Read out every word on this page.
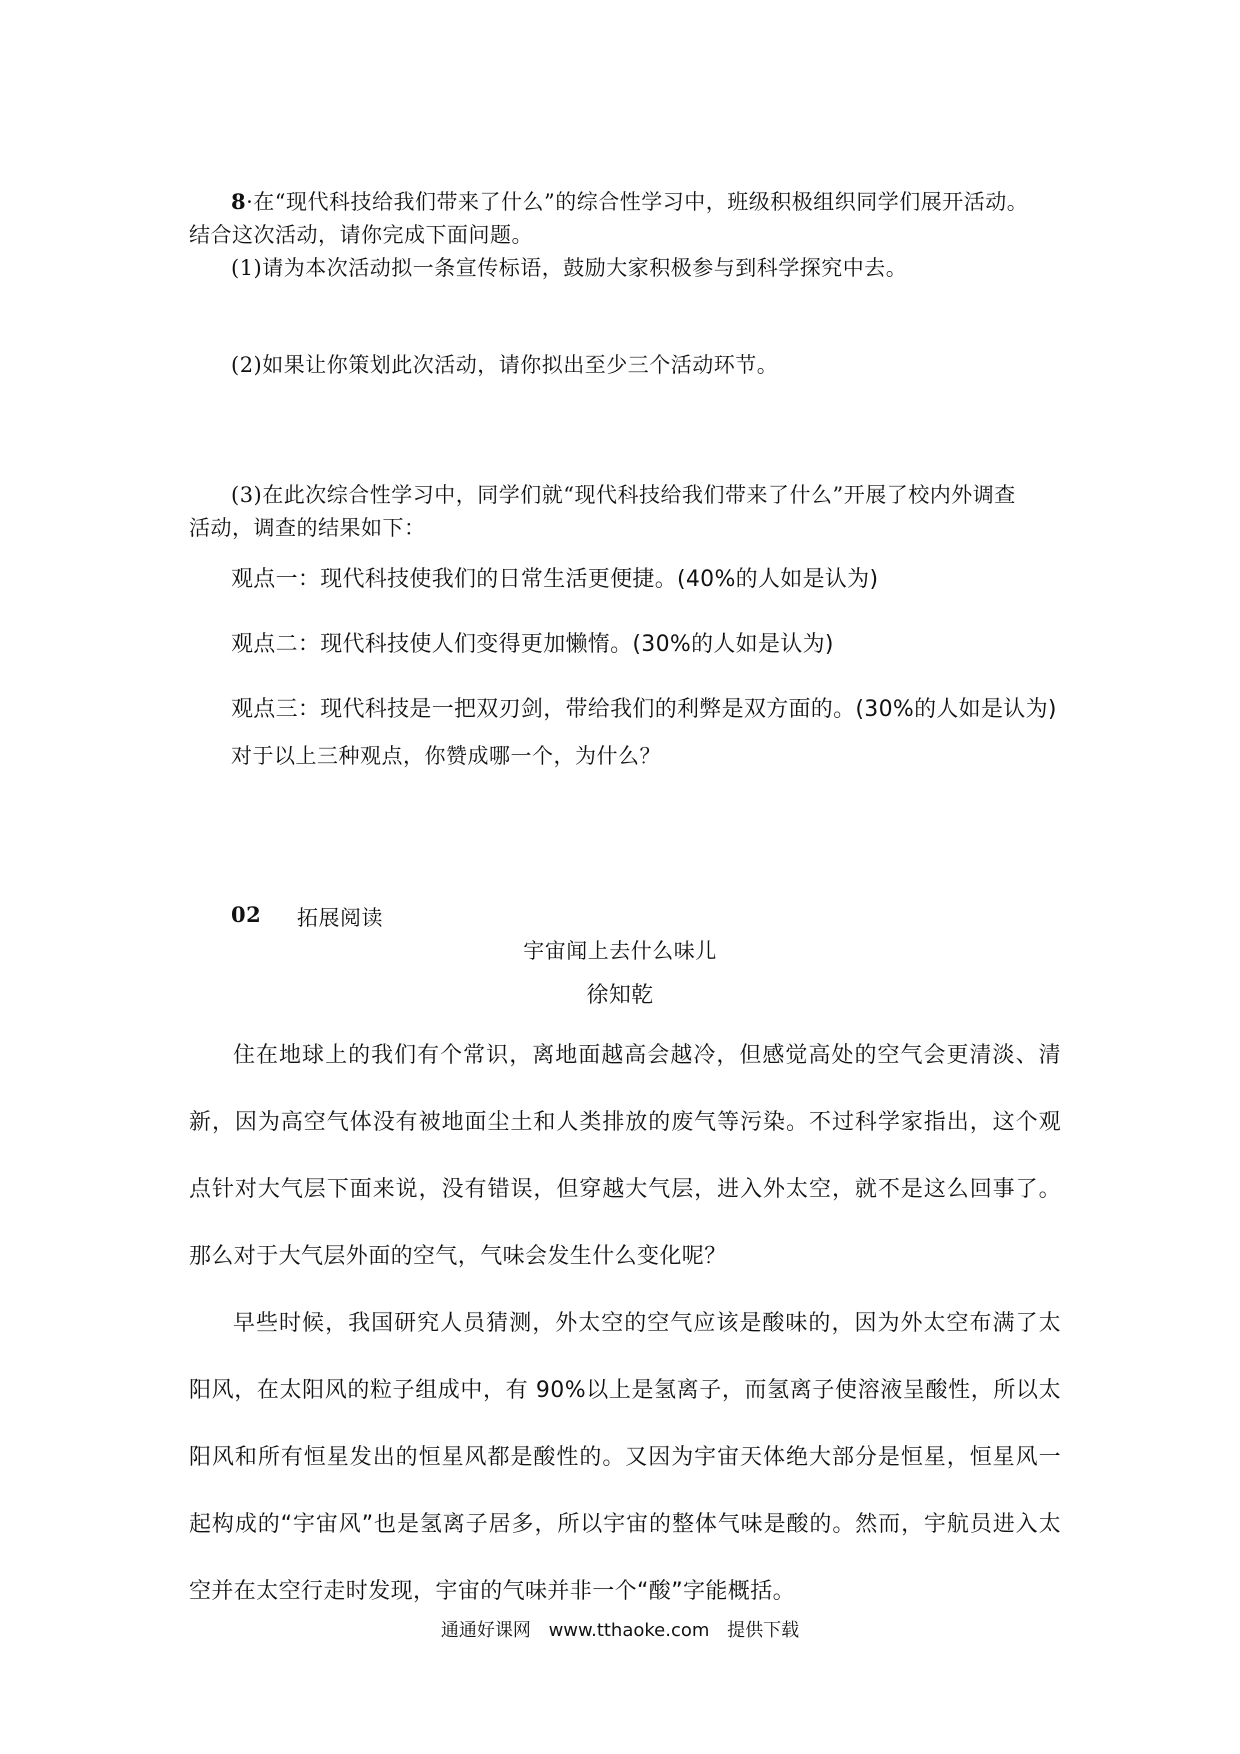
8·在“现代科技给我们带来了什么”的综合性学习中，班级积极组织同学们展开活动。
结合这次活动，请你完成下面问题。
(1)请为本次活动拟一条宣传标语，鼓励大家积极参与到科学探究中去。
(2)如果让你策划此次活动，请你拟出至少三个活动环节。
(3)在此次综合性学习中，同学们就“现代科技给我们带来了什么”开展了校内外调查
活动，调查的结果如下：
观点一：现代科技使我们的日常生活更便捷。(40%的人如是认为)
观点二：现代科技使人们变得更加懒惰。(30%的人如是认为)
观点三：现代科技是一把双刃剑，带给我们的利弊是双方面的。(30%的人如是认为)
对于以上三种观点，你赞成哪一个，为什么？
02 拓展阅读
宇宙闻上去什么味儿
徐知乾

住在地球上的我们有个常识，离地面越高会越冷，但感觉高处的空气会更清淡、清新，因为高空气体没有被地面尘土和人类排放的废气等污染。不过科学家指出，这个观点针对大气层下面来说，没有错误，但穿越大气层，进入外太空，就不是这么回事了。那么对于大气层外面的空气，气味会发生什么变化呢？

早些时候，我国研究人员猜测，外太空的空气应该是酸味的，因为外太空布满了太阳风，在太阳风的粒子组成中，有 90%以上是氢离子，而氢离子使溶液呈酸性，所以太阳风和所有恒星发出的恒星风都是酸性的。又因为宇宙天体绝大部分是恒星，恒星风一起构成的“宇宙风”也是氢离子居多，所以宇宙的整体气味是酸的。然而，宇航员进入太空并在太空行走时发现，宇宙的气味并非一个“酸”字能概括。

通通好课网 www.tthaoke.com 提供下载
